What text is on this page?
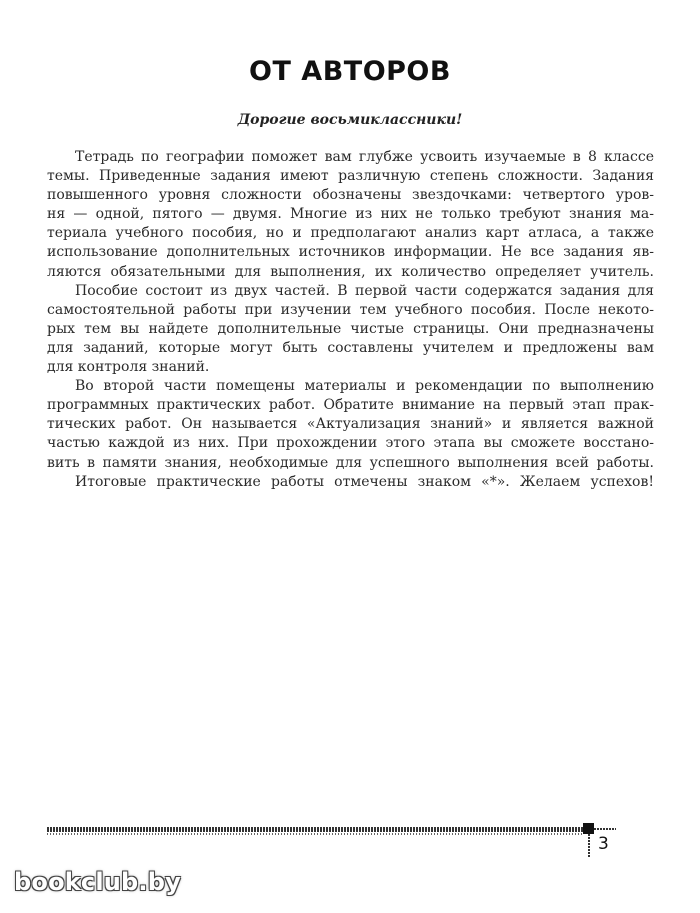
ОТ АВТОРОВ
Дорогие восьмиклассники!
Тетрадь по географии поможет вам глубже усвоить изучаемые в 8 классе
темы. Приведенные задания имеют различную степень сложности. Задания
повышенного уровня сложности обозначены звездочками: четвертого уров-
ня — одной, пятого — двумя. Многие из них не только требуют знания ма-
териала учебного пособия, но и предполагают анализ карт атласа, а также
использование дополнительных источников информации. Не все задания яв-
ляются обязательными для выполнения, их количество определяет учитель.
Пособие состоит из двух частей. В первой части содержатся задания для
самостоятельной работы при изучении тем учебного пособия. После некото-
рых тем вы найдете дополнительные чистые страницы. Они предназначены
для заданий, которые могут быть составлены учителем и предложены вам
для контроля знаний.
Во второй части помещены материалы и рекомендации по выполнению
программных практических работ. Обратите внимание на первый этап прак-
тических работ. Он называется «Актуализация знаний» и является важной
частью каждой из них. При прохождении этого этапа вы сможете восстано-
вить в памяти знания, необходимые для успешного выполнения всей работы.
Итоговые практические работы отмечены знаком «*». Желаем успехов!
3
bookclub.by
